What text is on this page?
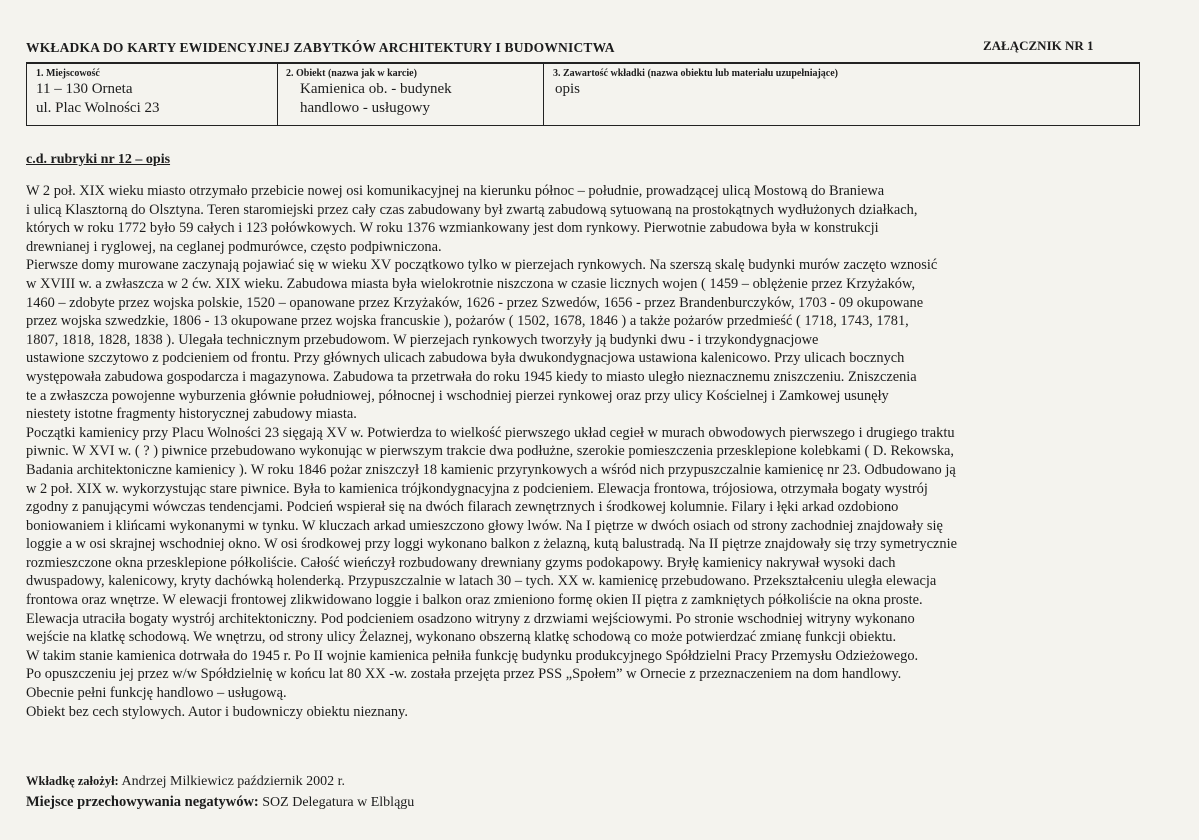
WKŁADKA DO KARTY EWIDENCYJNEJ ZABYTKÓW ARCHITEKTURY I BUDOWNICTWA	ZAŁĄCZNIK NR 1
1. Miejscowość
11 – 130 Orneta
ul. Plac Wolności 23
2. Obiekt (nazwa jak w karcie)
Kamienica ob. - budynek
handlowo - usługowy
3. Zawartość wkładki (nazwa obiektu lub materiału uzupełniające)
opis
c.d. rubryki nr 12 – opis
W 2 poł. XIX wieku miasto otrzymało przebicie nowej osi komunikacyjnej na kierunku północ – południe, prowadzącej ulicą Mostową do Braniewa
i ulicą Klasztorną do Olsztyna. Teren staromiejski przez cały czas zabudowany był zwartą zabudową sytuowaną na prostokątnych wydłużonych działkach,
których w roku 1772 było 59 całych i 123 połówkowych. W roku 1376 wzmiankowany jest dom rynkowy. Pierwotnie zabudowa była w konstrukcji
drewnianej i ryglowej, na ceglanej podmurówce, często podpiwniczona.
Pierwsze domy murowane zaczynają pojawiać się w wieku XV początkowo tylko w pierzejach rynkowych. Na szerszą skalę budynki murów zaczęto wznosić
w XVIII w. a zwłaszcza w 2 ćw. XIX wieku. Zabudowa miasta była wielokrotnie niszczona w czasie licznych wojen ( 1459 – oblężenie przez Krzyżaków,
1460 – zdobyte przez wojska polskie, 1520 – opanowane przez Krzyżaków, 1626 - przez Szwedów, 1656 - przez Brandenburczyków, 1703 - 09 okupowane
przez wojska szwedzkie, 1806 - 13 okupowane przez wojska francuskie ), pożarów ( 1502, 1678, 1846 ) a także pożarów przedmieść ( 1718, 1743, 1781,
1807, 1818, 1828, 1838 ). Ulegała technicznym przebudowom. W pierzejach rynkowych tworzyły ją budynki dwu - i trzykondygnacjowe
ustawione szczytowo z podcieniem od frontu. Przy głównych ulicach zabudowa była dwukondygnacjowa ustawiona kalenicowo. Przy ulicach bocznych
występowała zabudowa gospodarcza i magazynowa. Zabudowa ta przetrwała do roku 1945 kiedy to miasto uległo nieznacznemu zniszczeniu. Zniszczenia
te a zwłaszcza powojenne wyburzenia głównie południowej, północnej i wschodniej pierzei rynkowej oraz przy ulicy Kościelnej i Zamkowej usunęły
niestety istotne fragmenty historycznej zabudowy miasta.
Początki kamienicy przy Placu Wolności 23 sięgają XV w. Potwierdza to wielkość pierwszego układ cegieł w murach obwodowych pierwszego i drugiego traktu
piwnic. W XVI w. ( ? ) piwnice przebudowano wykonując w pierwszym trakcie dwa podłużne, szerokie pomieszczenia przesklepione kolebkami ( D. Rekowska,
Badania architektoniczne kamienicy ). W roku 1846 pożar zniszczył 18 kamienic przyrynkowych a wśród nich przypuszczalnie kamienicę nr 23. Odbudowano ją
w 2 poł. XIX w. wykorzystując stare piwnice. Była to kamienica trójkondygnacyjna z podcieniem. Elewacja frontowa, trójosiowa, otrzymała bogaty wystrój
zgodny z panującymi wówczas tendencjami. Podcień wspierał się na dwóch filarach zewnętrznych i środkowej kolumnie. Filary i łęki arkad ozdobiono
boniowaniem i klińcami wykonanymi w tynku. W kluczach arkad umieszczono głowy lwów. Na I piętrze w dwóch osiach od strony zachodniej znajdowały się
loggie a w osi skrajnej wschodniej okno. W osi środkowej przy loggi wykonano balkon z żelazną, kutą balustradą. Na II piętrze znajdowały się trzy symetrycznie
rozmieszczone okna przesklepione półkoliście. Całość wieńczył rozbudowany drewniany gzyms podokapowy. Bryłę kamienicy nakrywał wysoki dach
dwuspadowy, kalenicowy, kryty dachówką holenderką. Przypuszczalnie w latach 30 – tych. XX w. kamienicę przebudowano. Przekształceniu uległa elewacja
frontowa oraz wnętrze. W elewacji frontowej zlikwidowano loggie i balkon oraz zmieniono formę okien II piętra z zamkniętych półkoliście na okna proste.
Elewacja utraciła bogaty wystrój architektoniczny. Pod podcieniem osadzono witryny z drzwiami wejściowymi. Po stronie wschodniej witryny wykonano
wejście na klatkę schodową. We wnętrzu, od strony ulicy Żelaznej, wykonano obszerną klatkę schodową co może potwierdzać zmianę funkcji obiektu.
W takim stanie kamienica dotrwała do 1945 r. Po II wojnie kamienica pełniła funkcję budynku produkcyjnego Spółdzielni Pracy Przemysłu Odzieżowego.
Po opuszczeniu jej przez w/w Spółdzielnię w końcu lat 80 XX -w. została przejęta przez PSS „Społem” w Ornecie z przeznaczeniem na dom handlowy.
Obecnie pełni funkcję handlowo – usługową.
Obiekt bez cech stylowych. Autor i budowniczy obiektu nieznany.
Wkładkę założył: Andrzej Milkiewicz październik 2002 r.
Miejsce przechowywania negatywów: SOZ Delegatura w Elblągu
